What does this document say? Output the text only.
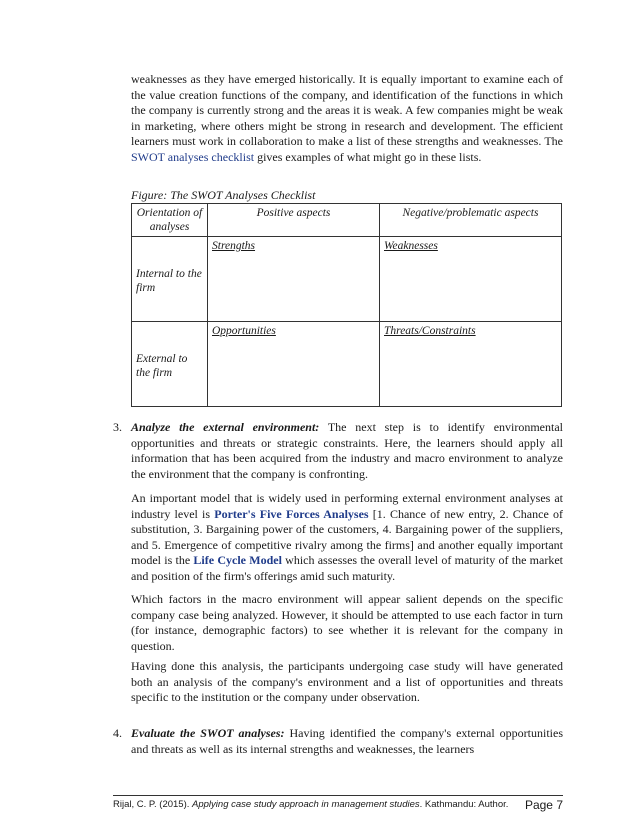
weaknesses as they have emerged historically. It is equally important to examine each of the value creation functions of the company, and identification of the functions in which the company is currently strong and the areas it is weak. A few companies might be weak in marketing, where others might be strong in research and development. The efficient learners must work in collaboration to make a list of these strengths and weaknesses. The SWOT analyses checklist gives examples of what might go in these lists.

Figure: The SWOT Analyses Checklist
Orientation of analyses	Positive aspects	Negative/problematic aspects

Internal to the firm	Strengths	Weaknesses

External to the firm	Opportunities	Threats/Constraints
3. Analyze the external environment: The next step is to identify environmental opportunities and threats or strategic constraints. Here, the learners should apply all information that has been acquired from the industry and macro environment to analyze the environment that the company is confronting.

An important model that is widely used in performing external environment analyses at industry level is Porter's Five Forces Analyses [1. Chance of new entry, 2. Chance of substitution, 3. Bargaining power of the customers, 4. Bargaining power of the suppliers, and 5. Emergence of competitive rivalry among the firms] and another equally important model is the Life Cycle Model which assesses the overall level of maturity of the market and position of the firm's offerings amid such maturity.

Which factors in the macro environment will appear salient depends on the specific company case being analyzed. However, it should be attempted to use each factor in turn (for instance, demographic factors) to see whether it is relevant for the company in question.

Having done this analysis, the participants undergoing case study will have generated both an analysis of the company's environment and a list of opportunities and threats specific to the institution or the company under observation.

4. Evaluate the SWOT analyses: Having identified the company's external opportunities and threats as well as its internal strengths and weaknesses, the learners

Rijal, C. P. (2015). Applying case study approach in management studies. Kathmandu: Author. Page 7
